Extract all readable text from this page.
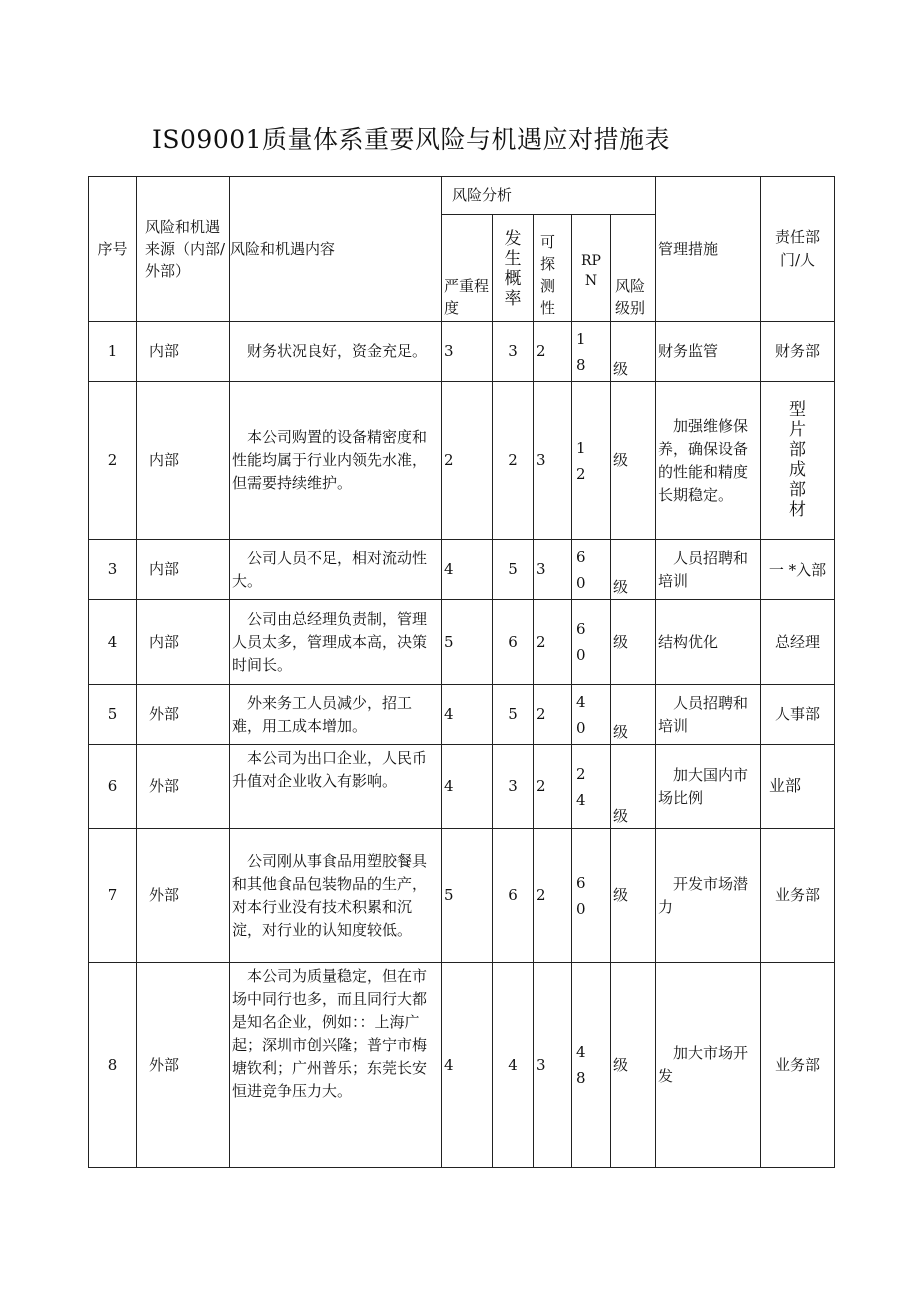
IS09001质量体系重要风险与机遇应对措施表
序号	风险和机遇来源（内部/外部）	风险和机遇内容	风险分析					管理措施	责任部门/人
			严重程度	发生概率	可探测性	RPN	风险级别		
1	内部	财务状况良好，资金充足。	3	3	2	18	级	财务监管	财务部
2	内部	本公司购置的设备精密度和性能均属于行业内领先水准，但需要持续维护。	2	2	3	12	级	加强维修保养，确保设备的性能和精度长期稳定。	型片部成部材
3	内部	公司人员不足，相对流动性大。	4	5	3	60	级	人员招聘和培训	一 *入部
4	内部	公司由总经理负责制，管理人员太多，管理成本高，决策时间长。	5	6	2	60	级	结构优化	总经理
5	外部	外来务工人员减少，招工难，用工成本增加。	4	5	2	40	级	人员招聘和培训	人事部
6	外部	本公司为出口企业，人民币升值对企业收入有影响。	4	3	2	24	级	加大国内市场比例	业部
7	外部	公司刚从事食品用塑胶餐具和其他食品包装物品的生产，对本行业没有技术积累和沉淀，对行业的认知度较低。	5	6	2	60	级	开发市场潜力	业务部
8	外部	本公司为质量稳定，但在市场中同行也多，而且同行大都是知名企业，例如：：上海广起；深圳市创兴隆；普宁市梅塘钦利；广州普乐；东莞长安恒进竞争压力大。	4	4	3	48	级	加大市场开发	业务部
